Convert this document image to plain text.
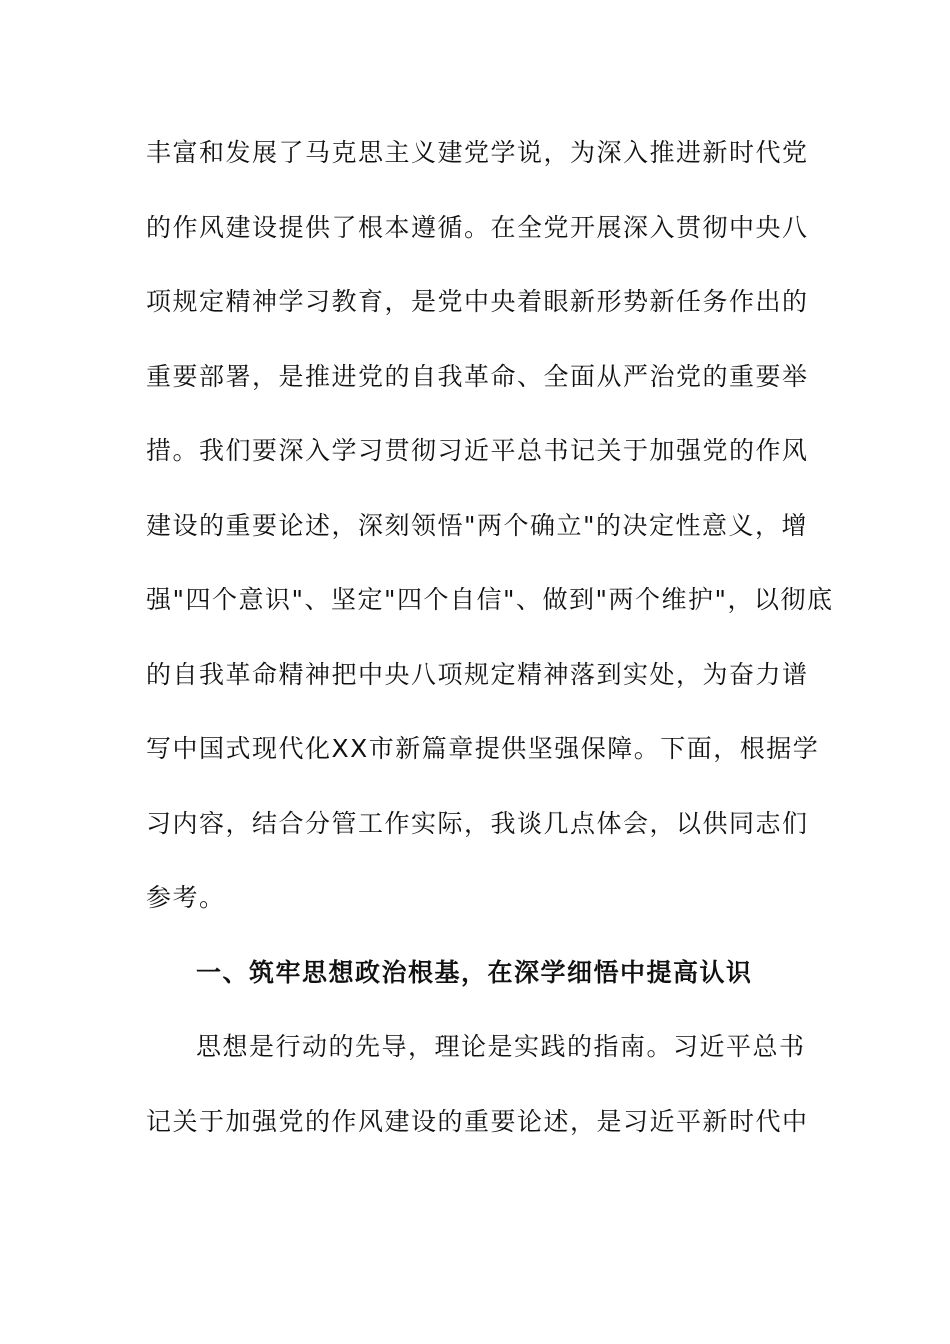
丰富和发展了马克思主义建党学说，为深入推进新时代党
的作风建设提供了根本遵循。在全党开展深入贯彻中央八
项规定精神学习教育，是党中央着眼新形势新任务作出的
重要部署，是推进党的自我革命、全面从严治党的重要举
措。我们要深入学习贯彻习近平总书记关于加强党的作风
建设的重要论述，深刻领悟"两个确立"的决定性意义，增
强"四个意识"、坚定"四个自信"、做到"两个维护"，以彻底
的自我革命精神把中央八项规定精神落到实处，为奋力谱
写中国式现代化XX市新篇章提供坚强保障。下面，根据学
习内容，结合分管工作实际，我谈几点体会，以供同志们
参考。
一、筑牢思想政治根基，在深学细悟中提高认识
思想是行动的先导，理论是实践的指南。习近平总书
记关于加强党的作风建设的重要论述，是习近平新时代中
